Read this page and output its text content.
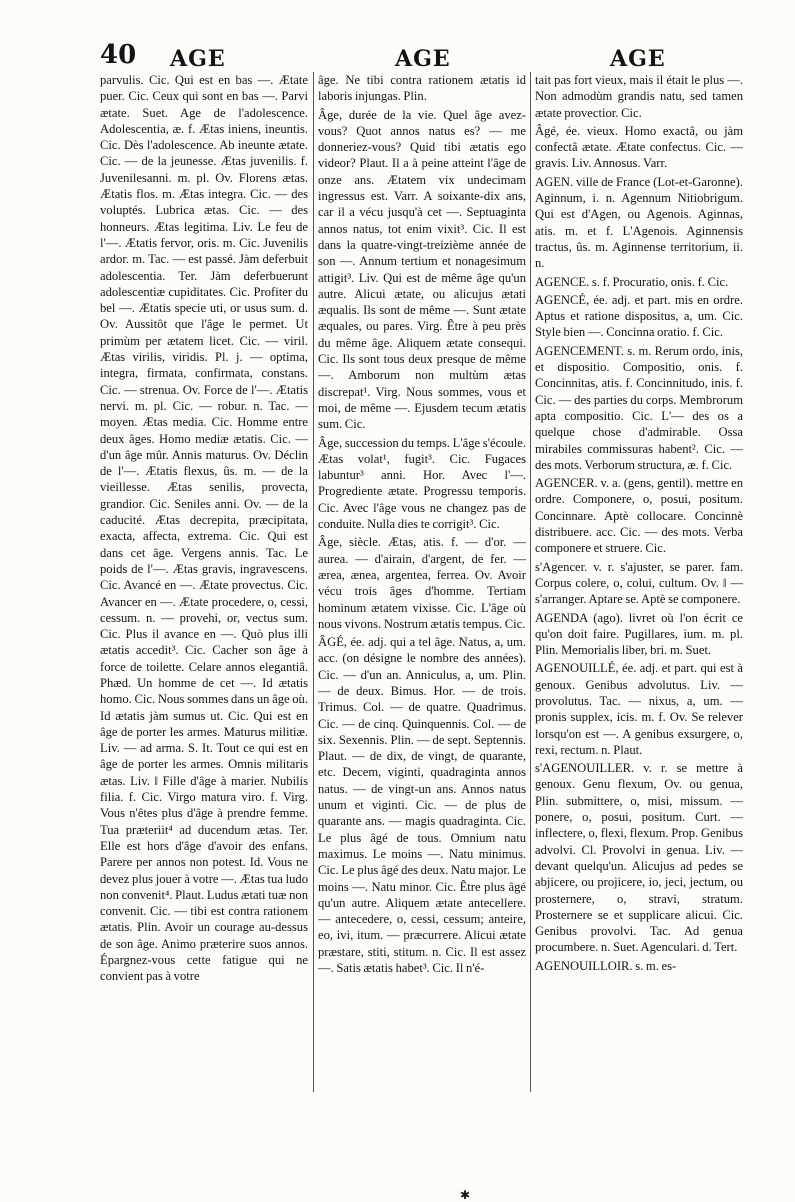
40 AGE	AGE	AGE

parvulis. Cic. Qui est en bas —. Ætate puer. Cic. Ceux qui sont en bas —. Parvi ætate. Suet. Age de l'adolescence. Adolescentia, æ. f. Ætas iniens, ineuntis. Cic. Dès l'adolescence. Ab ineunte ætate. Cic. — de la jeunesse. Ætas juvenilis. f. Juvenilesanni. m. pl. Ov. Florens ætas. Ætatis flos. m. Ætas integra. Cic. — des voluptés. Lubrica ætas. Cic. — des honneurs. Ætas legitima. Liv. Le feu de l'—. Ætatis fervor, oris. m. Cic. Juvenilis ardor. m. Tac. — est passé. Jàm deferbuit adolescentia. Ter. Jàm deferbuerunt adolescentiæ cupiditates. Cic. Profiter du bel —. Ætatis specie uti, or usus sum. d. Ov. Aussitôt que l'âge le permet. Ut primùm per ætatem licet. Cic. — viril. Ætas virilis, viridis. Pl. j. — optima, integra, firmata, confirmata, constans. Cic. — strenua. Ov. Force de l'—. Ætatis nervi. m. pl. Cic. — robur. n. Tac. — moyen. Ætas media. Cic. Homme entre deux âges. Homo mediæ ætatis. Cic. — d'un âge mûr. Annis maturus. Ov. Déclin de l'—. Ætatis flexus, ûs. m. — de la vieillesse. Ætas senilis, provecta, grandior. Cic. Seniles anni. Ov. — de la caducité. Ætas decrepita, præcipitata, exacta, affecta, extrema. Cic. Qui est dans cet âge. Vergens annis. Tac. Le poids de l'—. Ætas gravis, ingravescens. Cic. Avancé en —. Ætate provectus. Cic. Avancer en —. Ætate procedere, o, cessi, cessum. n. — provehi, or, vectus sum. Cic. Plus il avance en —. Quò plus illi ætatis accedit³. Cic. Cacher son âge à force de toilette. Celare annos elegantiâ. Phæd. Un homme de cet —. Id ætatis homo. Cic. Nous sommes dans un âge où. Id ætatis jàm sumus ut. Cic. Qui est en âge de porter les armes. Maturus militiæ. Liv. — ad arma. S. It. Tout ce qui est en âge de porter les armes. Omnis militaris ætas. Liv. ‖ Fille d'âge à marier. Nubilis filia. f. Cic. Virgo matura viro. f. Virg. Vous n'êtes plus d'âge à prendre femme. Tua præteriit⁴ ad ducendum ætas. Ter. Elle est hors d'âge d'avoir des enfans. Parere per annos non potest. Id. Vous ne devez plus jouer à votre —. Ætas tua ludo non convenit⁴. Plaut. Ludus ætati tuæ non convenit. Cic. — tibi est contra rationem ætatis. Plin. Avoir un courage au-dessus de son âge. Animo præterire suos annos. Épargnez-vous cette fatigue qui ne convient pas à votre

âge. Ne tibi contra rationem ætatis id laboris injungas. Plin.

Âge, durée de la vie. Quel âge avez-vous? Quot annos natus es? — me donneriez-vous? Quid tibi ætatis ego videor? Plaut. Il a à peine atteint l'âge de onze ans. Ætatem vix undecimam ingressus est. Varr. A soixante-dix ans, car il a vécu jusqu'à cet —. Septuaginta annos natus, tot enim vixit³. Cic. Il est dans la quatre-vingt-treizième année de son —. Annum tertium et nonagesimum attigit³. Liv. Qui est de même âge qu'un autre. Alicui ætate, ou alicujus ætati æqualis. Ils sont de même —. Sunt ætate æquales, ou pares. Virg. Être à peu près du même âge. Aliquem ætate consequi. Cic. Ils sont tous deux presque de même —. Amborum non multùm ætas discrepat¹. Virg. Nous sommes, vous et moi, de même —. Ejusdem tecum ætatis sum. Cic.

Âge, succession du temps. L'âge s'écoule. Ætas volat¹, fugit³. Cic. Fugaces labuntur³ anni. Hor. Avec l'—. Progrediente ætate. Progressu temporis. Cic. Avec l'âge vous ne changez pas de conduite. Nulla dies te corrigit³. Cic.

Âge, siècle. Ætas, atis. f. — d'or. — aurea. — d'airain, d'argent, de fer. — ærea, ænea, argentea, ferrea. Ov. Avoir vécu trois âges d'homme. Tertiam hominum ætatem vixisse. Cic. L'âge où nous vivons. Nostrum ætatis tempus. Cic.

ÂGÉ, ée. adj. qui a tel âge. Natus, a, um. acc. (on désigne le nombre des années). Cic. — d'un an. Anniculus, a, um. Plin. — de deux. Bimus. Hor. — de trois. Trimus. Col. — de quatre. Quadrimus. Cic. — de cinq. Quinquennis. Col. — de six. Sexennis. Plin. — de sept. Septennis. Plaut. — de dix, de vingt, de quarante, etc. Decem, viginti, quadraginta annos natus. — de vingt-un ans. Annos natus unum et viginti. Cic. — de plus de quarante ans. — magis quadraginta. Cic. Le plus âgé de tous. Omnium natu maximus. Le moins —. Natu minimus. Cic. Le plus âgé des deux. Natu major. Le moins —. Natu minor. Cic. Être plus âgé qu'un autre. Aliquem ætate antecellere. — antecedere, o, cessi, cessum; anteire, eo, ivi, itum. — præcurrere. Alicui ætate præstare, stiti, stitum. n. Cic. Il est assez —. Satis ætatis habet³. Cic. Il n'é-

tait pas fort vieux, mais il était le plus —. Non admodùm grandis natu, sed tamen ætate provectior. Cic.

Âgé, ée. vieux. Homo exactâ, ou jàm confectâ ætate. Ætate confectus. Cic. — gravis. Liv. Annosus. Varr.

AGEN. ville de France (Lot-et-Garonne). Aginnum, i. n. Agennum Nitiobrigum. Qui est d'Agen, ou Agenois. Aginnas, atis. m. et f. L'Agenois. Aginnensis tractus, ûs. m. Aginnense territorium, ii. n.

AGENCE. s. f. Procuratio, onis. f. Cic.

AGENCÉ, ée. adj. et part. mis en ordre. Aptus et ratione dispositus, a, um. Cic. Style bien —. Concinna oratio. f. Cic.

AGENCEMENT. s. m. Rerum ordo, inis, et dispositio. Compositio, onis. f. Concinnitas, atis. f. Concinnitudo, inis. f. Cic. — des parties du corps. Membrorum apta compositio. Cic. L'— des os a quelque chose d'admirable. Ossa mirabiles commissuras habent². Cic. — des mots. Verborum structura, æ. f. Cic.

AGENCER. v. a. (gens, gentil). mettre en ordre. Componere, o, posui, positum. Concinnare. Aptè collocare. Concinnè distribuere. acc. Cic. — des mots. Verba componere et struere. Cic.

s'Agencer. v. r. s'ajuster, se parer. fam. Corpus colere, o, colui, cultum. Ov. ‖ — s'arranger. Aptare se. Aptè se componere.

AGENDA (ago). livret où l'on écrit ce qu'on doit faire. Pugillares, ium. m. pl. Plin. Memorialis liber, bri. m. Suet.

AGENOUILLÉ, ée. adj. et part. qui est à genoux. Genibus advolutus. Liv. — provolutus. Tac. — nixus, a, um. — pronis supplex, icis. m. f. Ov. Se relever lorsqu'on est —. A genibus exsurgere, o, rexi, rectum. n. Plaut.

s'AGENOUILLER. v. r. se mettre à genoux. Genu flexum, Ov. ou genua, Plin. submittere, o, misi, missum. — ponere, o, posui, positum. Curt. — inflectere, o, flexi, flexum. Prop. Genibus advolvi. Cl. Provolvi in genua. Liv. — devant quelqu'un. Alicujus ad pedes se abjicere, ou projicere, io, jeci, jectum, ou prosternere, o, stravi, stratum. Prosternere se et supplicare alicui. Cic. Genibus provolvi. Tac. Ad genua procumbere. n. Suet. Agenculari. d. Tert.

AGENOUILLOIR. s. m. es-

✱
